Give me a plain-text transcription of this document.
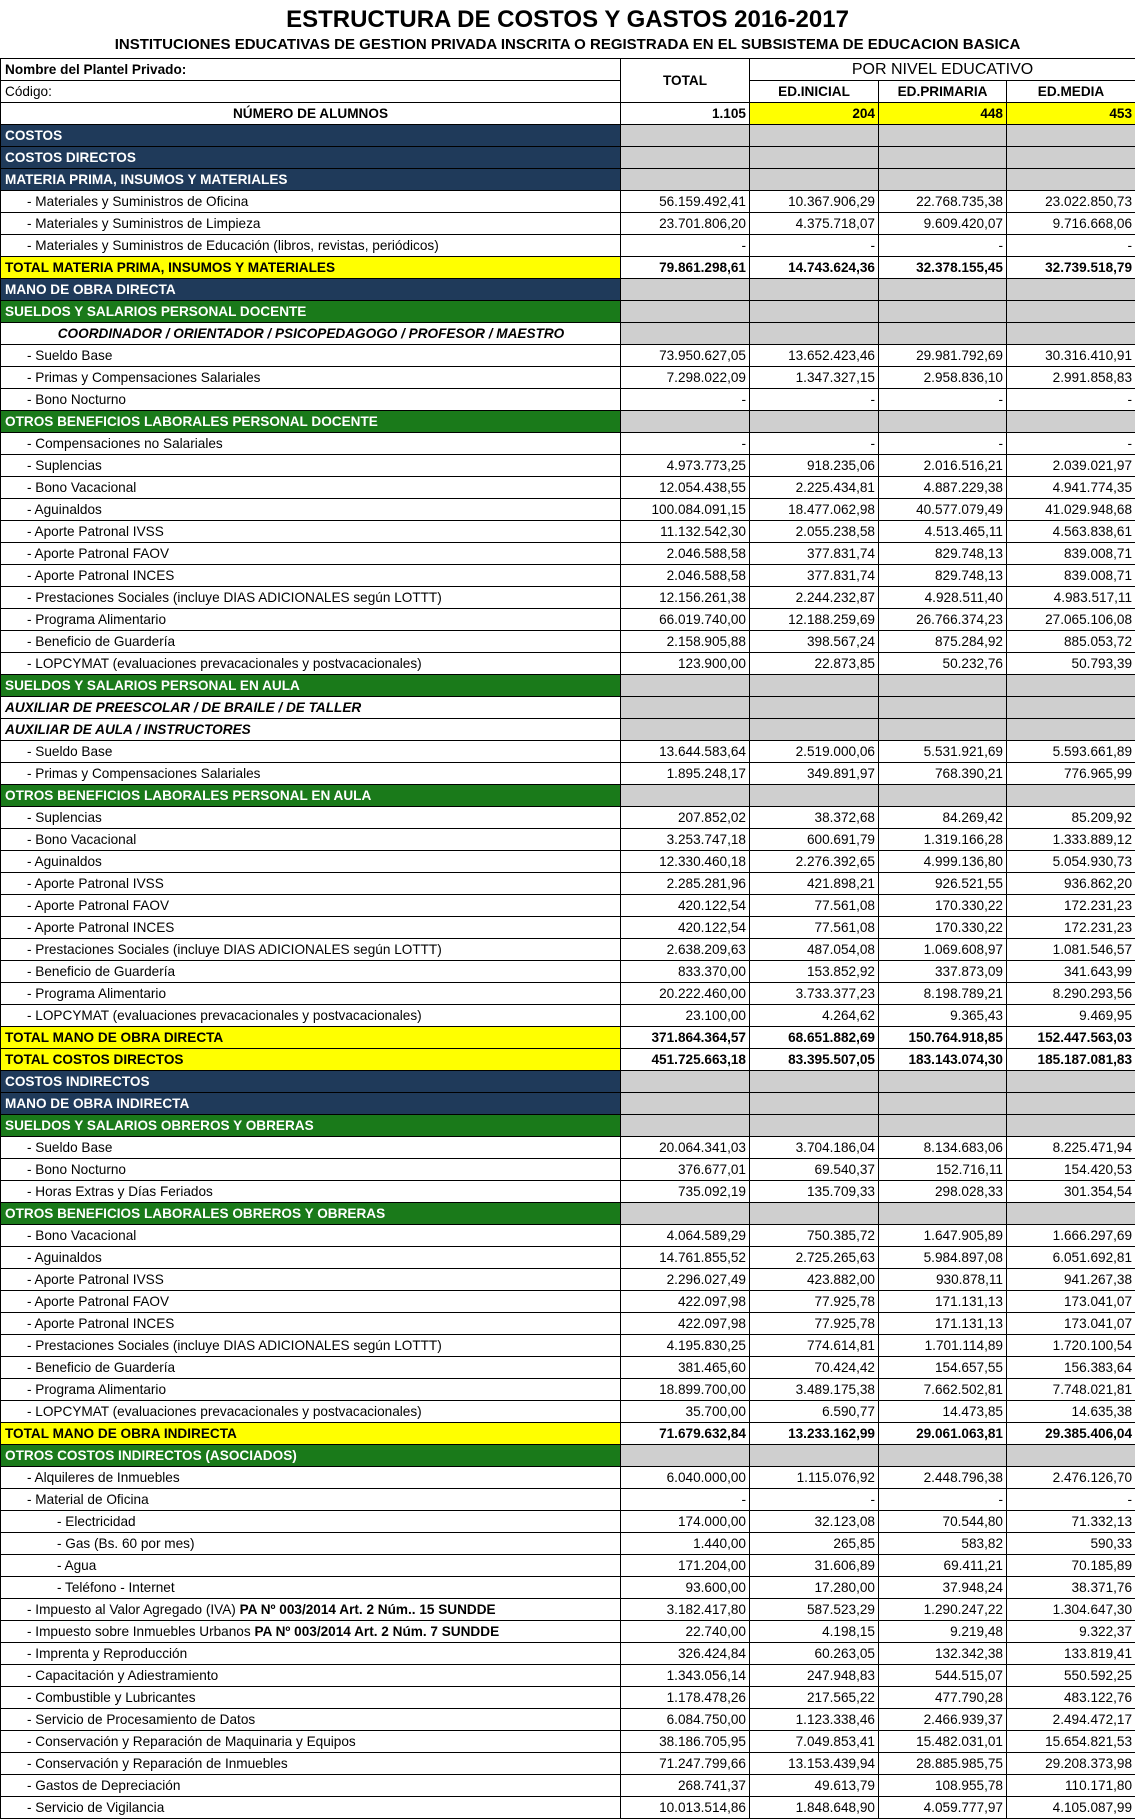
ESTRUCTURA DE COSTOS Y GASTOS 2016-2017
INSTITUCIONES EDUCATIVAS DE GESTION PRIVADA INSCRITA O REGISTRADA EN EL SUBSISTEMA DE EDUCACION BASICA
Nombre del Plantel Privado:	TOTAL	POR NIVEL EDUCATIVO		
Código:		ED.INICIAL	ED.PRIMARIA	ED.MEDIA
NÚMERO DE ALUMNOS	1.105	204	448	453
COSTOS				
COSTOS DIRECTOS				
MATERIA PRIMA, INSUMOS Y MATERIALES				
- Materiales y Suministros de Oficina	56.159.492,41	10.367.906,29	22.768.735,38	23.022.850,73
- Materiales y Suministros de Limpieza	23.701.806,20	4.375.718,07	9.609.420,07	9.716.668,06
- Materiales y Suministros de Educación (libros, revistas, periódicos)	-	-	-	-
TOTAL MATERIA PRIMA, INSUMOS Y MATERIALES	79.861.298,61	14.743.624,36	32.378.155,45	32.739.518,79
MANO DE OBRA DIRECTA				
SUELDOS Y SALARIOS PERSONAL DOCENTE				
COORDINADOR / ORIENTADOR / PSICOPEDAGOGO / PROFESOR / MAESTRO				
- Sueldo Base	73.950.627,05	13.652.423,46	29.981.792,69	30.316.410,91
- Primas y Compensaciones Salariales	7.298.022,09	1.347.327,15	2.958.836,10	2.991.858,83
- Bono Nocturno	-	-	-	-
OTROS BENEFICIOS LABORALES PERSONAL DOCENTE				
- Compensaciones no Salariales	-	-	-	-
- Suplencias	4.973.773,25	918.235,06	2.016.516,21	2.039.021,97
- Bono Vacacional	12.054.438,55	2.225.434,81	4.887.229,38	4.941.774,35
- Aguinaldos	100.084.091,15	18.477.062,98	40.577.079,49	41.029.948,68
- Aporte Patronal IVSS	11.132.542,30	2.055.238,58	4.513.465,11	4.563.838,61
- Aporte Patronal FAOV	2.046.588,58	377.831,74	829.748,13	839.008,71
- Aporte Patronal INCES	2.046.588,58	377.831,74	829.748,13	839.008,71
- Prestaciones Sociales (incluye DIAS ADICIONALES según LOTTT)	12.156.261,38	2.244.232,87	4.928.511,40	4.983.517,11
- Programa Alimentario	66.019.740,00	12.188.259,69	26.766.374,23	27.065.106,08
- Beneficio de Guardería	2.158.905,88	398.567,24	875.284,92	885.053,72
- LOPCYMAT (evaluaciones prevacacionales y postvacacionales)	123.900,00	22.873,85	50.232,76	50.793,39
SUELDOS Y SALARIOS PERSONAL EN AULA				
AUXILIAR DE PREESCOLAR / DE BRAILE / DE TALLER				
AUXILIAR DE AULA / INSTRUCTORES				
- Sueldo Base	13.644.583,64	2.519.000,06	5.531.921,69	5.593.661,89
- Primas y Compensaciones Salariales	1.895.248,17	349.891,97	768.390,21	776.965,99
OTROS BENEFICIOS LABORALES PERSONAL EN AULA				
- Suplencias	207.852,02	38.372,68	84.269,42	85.209,92
- Bono Vacacional	3.253.747,18	600.691,79	1.319.166,28	1.333.889,12
- Aguinaldos	12.330.460,18	2.276.392,65	4.999.136,80	5.054.930,73
- Aporte Patronal IVSS	2.285.281,96	421.898,21	926.521,55	936.862,20
- Aporte Patronal FAOV	420.122,54	77.561,08	170.330,22	172.231,23
- Aporte Patronal INCES	420.122,54	77.561,08	170.330,22	172.231,23
- Prestaciones Sociales (incluye DIAS ADICIONALES según LOTTT)	2.638.209,63	487.054,08	1.069.608,97	1.081.546,57
- Beneficio de Guardería	833.370,00	153.852,92	337.873,09	341.643,99
- Programa Alimentario	20.222.460,00	3.733.377,23	8.198.789,21	8.290.293,56
- LOPCYMAT (evaluaciones prevacacionales y postvacacionales)	23.100,00	4.264,62	9.365,43	9.469,95
TOTAL MANO DE OBRA DIRECTA	371.864.364,57	68.651.882,69	150.764.918,85	152.447.563,03
TOTAL COSTOS DIRECTOS	451.725.663,18	83.395.507,05	183.143.074,30	185.187.081,83
COSTOS INDIRECTOS				
MANO DE OBRA INDIRECTA				
SUELDOS Y SALARIOS OBREROS Y OBRERAS				
- Sueldo Base	20.064.341,03	3.704.186,04	8.134.683,06	8.225.471,94
- Bono Nocturno	376.677,01	69.540,37	152.716,11	154.420,53
- Horas Extras y Días Feriados	735.092,19	135.709,33	298.028,33	301.354,54
OTROS BENEFICIOS LABORALES OBREROS Y OBRERAS				
- Bono Vacacional	4.064.589,29	750.385,72	1.647.905,89	1.666.297,69
- Aguinaldos	14.761.855,52	2.725.265,63	5.984.897,08	6.051.692,81
- Aporte Patronal IVSS	2.296.027,49	423.882,00	930.878,11	941.267,38
- Aporte Patronal FAOV	422.097,98	77.925,78	171.131,13	173.041,07
- Aporte Patronal INCES	422.097,98	77.925,78	171.131,13	173.041,07
- Prestaciones Sociales (incluye DIAS ADICIONALES según LOTTT)	4.195.830,25	774.614,81	1.701.114,89	1.720.100,54
- Beneficio de Guardería	381.465,60	70.424,42	154.657,55	156.383,64
- Programa Alimentario	18.899.700,00	3.489.175,38	7.662.502,81	7.748.021,81
- LOPCYMAT (evaluaciones prevacacionales y postvacacionales)	35.700,00	6.590,77	14.473,85	14.635,38
TOTAL MANO DE OBRA INDIRECTA	71.679.632,84	13.233.162,99	29.061.063,81	29.385.406,04
OTROS COSTOS INDIRECTOS (ASOCIADOS)				
- Alquileres de Inmuebles	6.040.000,00	1.115.076,92	2.448.796,38	2.476.126,70
- Material de Oficina	-	-	-	-
- Electricidad	174.000,00	32.123,08	70.544,80	71.332,13
- Gas (Bs. 60 por mes)	1.440,00	265,85	583,82	590,33
- Agua	171.204,00	31.606,89	69.411,21	70.185,89
- Teléfono - Internet	93.600,00	17.280,00	37.948,24	38.371,76
- Impuesto al Valor Agregado (IVA) PA Nº 003/2014 Art. 2 Núm.. 15 SUNDDE	3.182.417,80	587.523,29	1.290.247,22	1.304.647,30
- Impuesto sobre Inmuebles Urbanos PA Nº 003/2014 Art. 2 Núm. 7 SUNDDE	22.740,00	4.198,15	9.219,48	9.322,37
- Imprenta y Reproducción	326.424,84	60.263,05	132.342,38	133.819,41
- Capacitación y Adiestramiento	1.343.056,14	247.948,83	544.515,07	550.592,25
- Combustible y Lubricantes	1.178.478,26	217.565,22	477.790,28	483.122,76
- Servicio de Procesamiento de Datos	6.084.750,00	1.123.338,46	2.466.939,37	2.494.472,17
- Conservación y Reparación de Maquinaria y Equipos	38.186.705,95	7.049.853,41	15.482.031,01	15.654.821,53
- Conservación y Reparación de Inmuebles	71.247.799,66	13.153.439,94	28.885.985,75	29.208.373,98
- Gastos de Depreciación	268.741,37	49.613,79	108.955,78	110.171,80
- Servicio de Vigilancia	10.013.514,86	1.848.648,90	4.059.777,97	4.105.087,99
